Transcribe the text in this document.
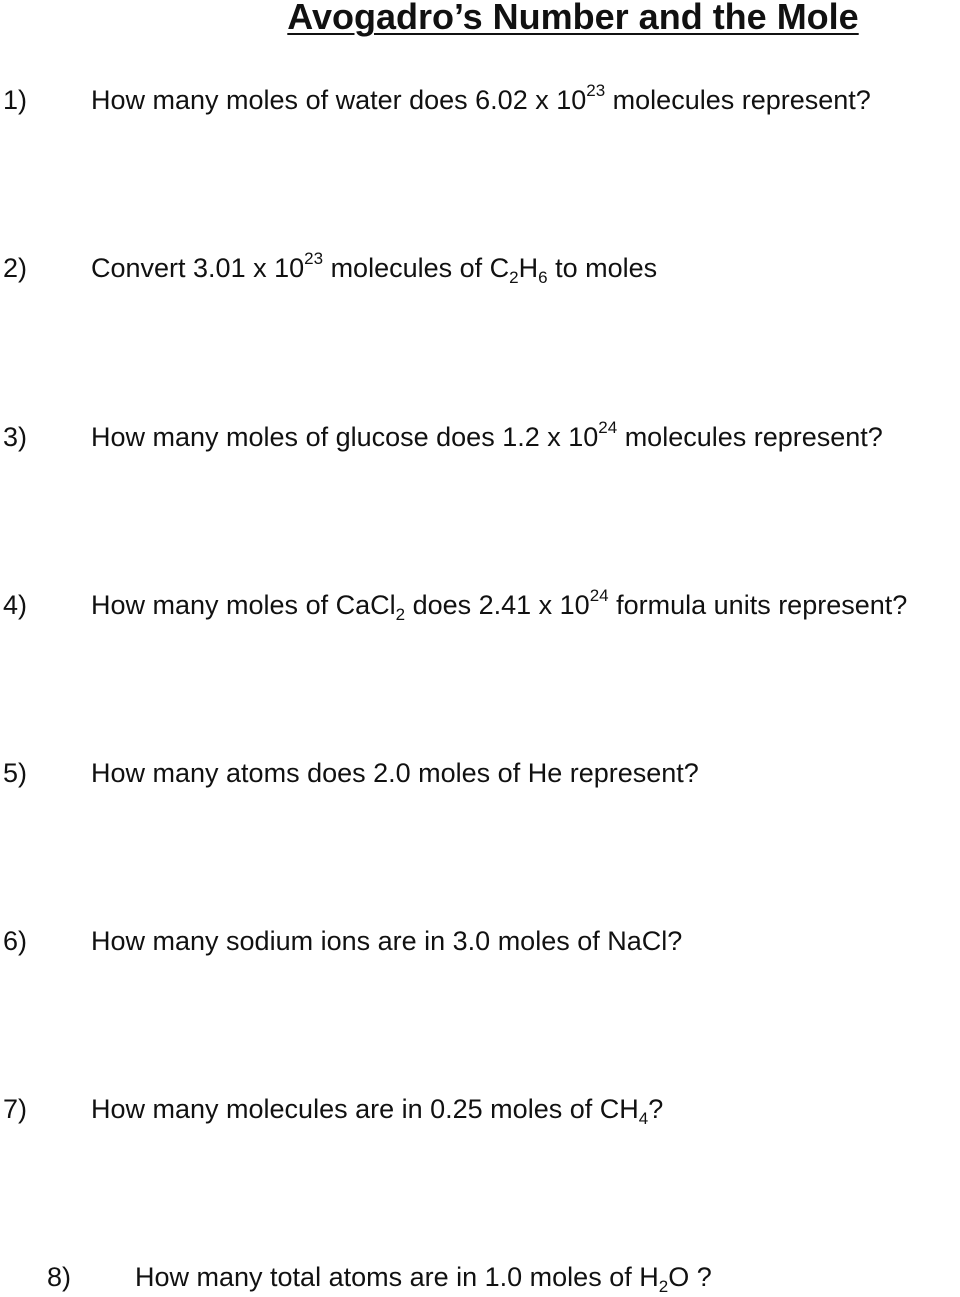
Avogadro’s Number and the Mole
1) How many moles of water does 6.02 x $10^{23}$ molecules represent?
2) Convert 3.01 x $10^{23}$ molecules of $C_2H_6$ to moles
3) How many moles of glucose does 1.2 x $10^{24}$ molecules represent?
4) How many moles of CaCl$_2$ does 2.41 x $10^{24}$ formula units represent?
5) How many atoms does 2.0 moles of He represent?
6) How many sodium ions are in 3.0 moles of NaCl?
7) How many molecules are in 0.25 moles of $CH_4$?
8) How many total atoms are in 1.0 moles of $H_2O$ ?
